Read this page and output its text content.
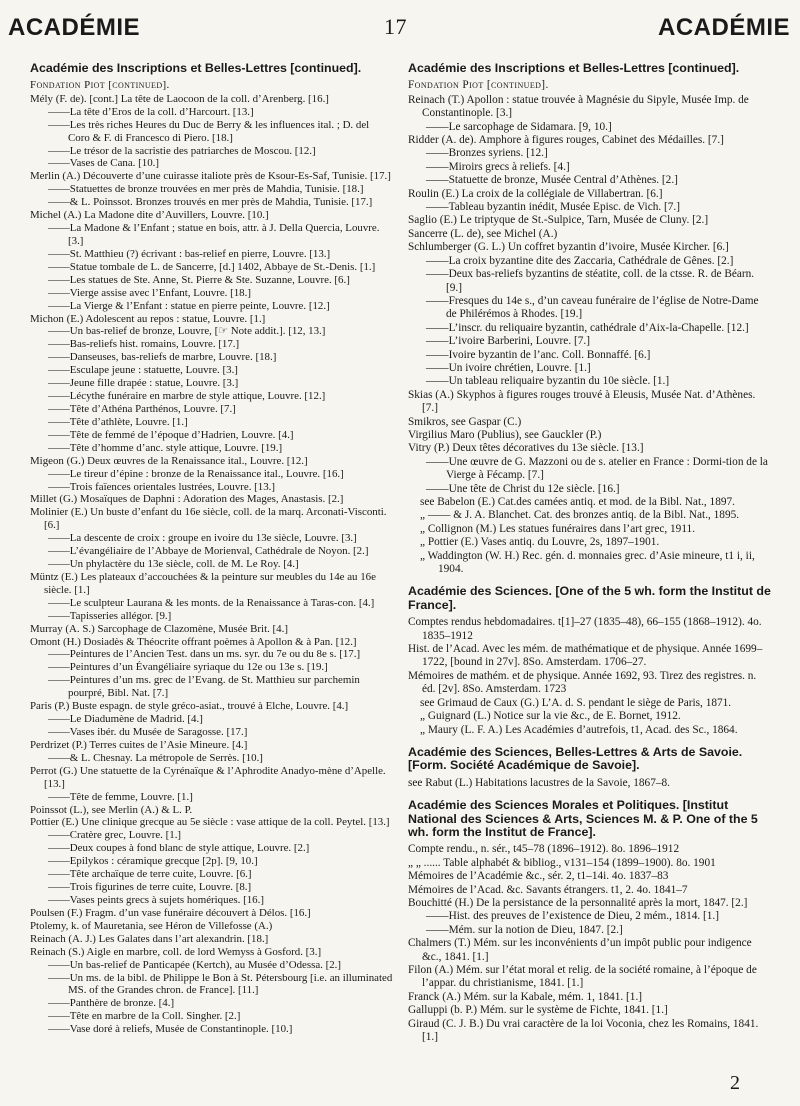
ACADÉMIE	17	ACADÉMIE
Académie des Inscriptions et Belles-Lettres [continued].
Fondation Piot [continued].
Mély (F. de). [cont.] La tête de Laocoon de la coll. d’Arenberg. [16.]
—— La tête d’Eros de la coll. d’Harcourt. [13.]
—— Les très riches Heures du Duc de Berry & les influences ital. ; D. del Coro & F. di Francesco di Piero. [18.]
—— Le trésor de la sacristie des patriarches de Moscou. [12.]
—— Vases de Cana. [10.]
Merlin (A.) Découverte d’une cuirasse italiote près de Ksour-Es-Saf, Tunisie. [17.]
—— Statuettes de bronze trouvées en mer près de Mahdia, Tunisie. [18.]
—— & L. Poinssot. Bronzes trouvés en mer près de Mahdia, Tunisie. [17.]
Michel (A.) La Madone dite d’Auvillers, Louvre. [10.]
—— La Madone & l’Enfant ; statue en bois, attr. à J. Della Quercia, Louvre. [3.]
—— St. Matthieu (?) écrivant : bas-relief en pierre, Louvre. [13.]
—— Statue tombale de L. de Sancerre, [d.] 1402, Abbaye de St.-Denis. [1.]
—— Les statues de Ste. Anne, St. Pierre & Ste. Suzanne, Louvre. [6.]
—— Vierge assise avec l’Enfant, Louvre. [18.]
—— La Vierge & l’Enfant : statue en pierre peinte, Louvre. [12.]
Michon (E.) Adolescent au repos : statue, Louvre. [1.]
—— Un bas-relief de bronze, Louvre, [☞ Note addit.]. [12, 13.]
—— Bas-reliefs hist. romains, Louvre. [17.]
—— Danseuses, bas-reliefs de marbre, Louvre. [18.]
—— Esculape jeune : statuette, Louvre. [3.]
—— Jeune fille drapée : statue, Louvre. [3.]
—— Lécythe funéraire en marbre de style attique, Louvre. [12.]
—— Tête d’Athéna Parthénos, Louvre. [7.]
—— Tête d’athlète, Louvre. [1.]
—— Tête de femmé de l’époque d’Hadrien, Louvre. [4.]
—— Tête d’homme d’anc. style attique, Louvre. [19.]
Migeon (G.) Deux œuvres de la Renaissance ital., Louvre. [12.]
—— Le tireur d’épine : bronze de la Renaissance ital., Louvre. [16.]
—— Trois faïences orientales lustrées, Louvre. [13.]
Millet (G.) Mosaïques de Daphni : Adoration des Mages, Anastasis. [2.]
Molinier (E.) Un buste d’enfant du 16e siècle, coll. de la marq. Arconati-Visconti. [6.]
—— La descente de croix : groupe en ivoire du 13e siècle, Louvre. [3.]
—— L’évangéliaire de l’Abbaye de Morienval, Cathédrale de Noyon. [2.]
—— Un phylactère du 13e siècle, coll. de M. Le Roy. [4.]
Müntz (E.) Les plateaux d’accouchées & la peinture sur meubles du 14e au 16e siècle. [1.]
—— Le sculpteur Laurana & les monts. de la Renaissance à Taras-con. [4.]
—— Tapisseries allégor. [9.]
Murray (A. S.) Sarcophage de Clazomène, Musée Brit. [4.]
Omont (H.) Dosiadès & Théocrite offrant poèmes à Apollon & à Pan. [12.]
—— Peintures de l’Ancien Test. dans un ms. syr. du 7e ou du 8e s. [17.]
—— Peintures d’un Évangéliaire syriaque du 12e ou 13e s. [19.]
—— Peintures d’un ms. grec de l’Evang. de St. Matthieu sur parchemin pourpré, Bibl. Nat. [7.]
Paris (P.) Buste espagn. de style gréco-asiat., trouvé à Elche, Louvre. [4.]
—— Le Diadumène de Madrid. [4.]
—— Vases ibér. du Musée de Saragosse. [17.]
Perdrizet (P.) Terres cuites de l’Asie Mineure. [4.]
—— & L. Chesnay. La métropole de Serrès. [10.]
Perrot (G.) Une statuette de la Cyrénaïque & l’Aphrodite Anadyo-mène d’Apelle. [13.]
—— Tête de femme, Louvre. [1.]
Poinssot (L.), see Merlin (A.) & L. P.
Pottier (E.) Une clinique grecque au 5e siècle : vase attique de la coll. Peytel. [13.]
—— Cratère grec, Louvre. [1.]
—— Deux coupes à fond blanc de style attique, Louvre. [2.]
—— Epilykos : céramique grecque [2p]. [9, 10.]
—— Tête archaïque de terre cuite, Louvre. [6.]
—— Trois figurines de terre cuite, Louvre. [8.]
—— Vases peints grecs à sujets homériques. [16.]
Poulsen (F.) Fragm. d’un vase funéraire découvert à Délos. [16.]
Ptolemy, k. of Mauretania, see Héron de Villefosse (A.)
Reinach (A. J.) Les Galates dans l’art alexandrin. [18.]
Reinach (S.) Aigle en marbre, coll. de lord Wemyss à Gosford. [3.]
—— Un bas-relief de Panticapée (Kertch), au Musée d’Odessa. [2.]
—— Un ms. de la bibl. de Philippe le Bon à St. Pétersbourg [i.e. an illuminated MS. of the Grandes chron. de France]. [11.]
—— Panthère de bronze. [4.]
—— Tête en marbre de la Coll. Singher. [2.]
—— Vase doré à reliefs, Musée de Constantinople. [10.]
Académie des Inscriptions et Belles-Lettres [continued].
Fondation Piot [continued].
Reinach (T.) Apollon : statue trouvée à Magnésie du Sipyle, Musée Imp. de Constantinople. [3.]
—— Le sarcophage de Sidamara. [9, 10.]
Ridder (A. de). Amphore à figures rouges, Cabinet des Médailles. [7.]
—— Bronzes syriens. [12.]
—— Miroirs grecs à reliefs. [4.]
—— Statuette de bronze, Musée Central d’Athènes. [2.]
Roulin (E.) La croix de la collégiale de Villabertran. [6.]
—— Tableau byzantin inédit, Musée Episc. de Vich. [7.]
Saglio (E.) Le triptyque de St.-Sulpice, Tarn, Musée de Cluny. [2.]
Sancerre (L. de), see Michel (A.)
Schlumberger (G. L.) Un coffret byzantin d’ivoire, Musée Kircher. [6.]
—— La croix byzantine dite des Zaccaria, Cathédrale de Gênes. [2.]
—— Deux bas-reliefs byzantins de stéatite, coll. de la ctsse. R. de Béarn. [9.]
—— Fresques du 14e s., d’un caveau funéraire de l’église de Notre-Dame de Philérémos à Rhodes. [19.]
—— L’inscr. du reliquaire byzantin, cathédrale d’Aix-la-Chapelle. [12.]
—— L’ivoire Barberini, Louvre. [7.]
—— Ivoire byzantin de l’anc. Coll. Bonnaffé. [6.]
—— Un ivoire chrétien, Louvre. [1.]
—— Un tableau reliquaire byzantin du 10e siècle. [1.]
Skias (A.) Skyphos à figures rouges trouvé à Eleusis, Musée Nat. d’Athènes. [7.]
Smikros, see Gaspar (C.)
Virgilius Maro (Publius), see Gauckler (P.)
Vitry (P.) Deux têtes décoratives du 13e siècle. [13.]
—— Une œuvre de G. Mazzoni ou de s. atelier en France : Dormi-tion de la Vierge à Fécamp. [7.]
—— Une tête de Christ du 12e siècle. [16.]
see Babelon (E.) Cat.des camées antiq. et mod. de la Bibl. Nat., 1897.
„ —— & J. A. Blanchet. Cat. des bronzes antiq. de la Bibl. Nat., 1895.
„ Collignon (M.) Les statues funéraires dans l’art grec, 1911.
„ Pottier (E.) Vases antiq. du Louvre, 2s, 1897–1901.
„ Waddington (W. H.) Rec. gén. d. monnaies grec. d’Asie mineure, t1 i, ii, 1904.
Académie des Sciences. [One of the 5 wh. form the Institut de France].
Comptes rendus hebdomadaires. t[1]–27 (1835–48), 66–155 (1868–1912). 4o. 1835–1912
Hist. de l’Acad. Avec les mém. de mathématique et de physique. Année 1699–1722, [bound in 27v]. 8So. Amsterdam. 1706–27.
Mémoires de mathém. et de physique. Année 1692, 93. Tirez des registres. n. éd. [2v]. 8So. Amsterdam. 1723
see Grimaud de Caux (G.) L’A. d. S. pendant le siège de Paris, 1871.
„ Guignard (L.) Notice sur la vie &c., de E. Bornet, 1912.
„ Maury (L. F. A.) Les Académies d’autrefois, t1, Acad. des Sc., 1864.
Académie des Sciences, Belles-Lettres & Arts de Savoie. [Form. Société Académique de Savoie].
see Rabut (L.) Habitations lacustres de la Savoie, 1867–8.
Académie des Sciences Morales et Politiques. [Institut National des Sciences & Arts, Sciences M. & P. One of the 5 wh. form the Institut de France].
Compte rendu., n. sér., t45–78 (1896–1912). 8o. 1896–1912
„ „ ...... Table alphabét & bibliog., v131–154 (1899–1900). 8o. 1901
Mémoires de l’Académie &c., sér. 2, t1–14i. 4o. 1837–83
Mémoires de l’Acad. &c. Savants étrangers. t1, 2. 4o. 1841–7
Bouchitté (H.) De la persistance de la personnalité après la mort, 1847. [2.]
—— Hist. des preuves de l’existence de Dieu, 2 mém., 1814. [1.]
—— Mém. sur la notion de Dieu, 1847. [2.]
Chalmers (T.) Mém. sur les inconvénients d’un impôt public pour indigence &c., 1841. [1.]
Filon (A.) Mém. sur l’état moral et relig. de la société romaine, à l’époque de l’appar. du christianisme, 1841. [1.]
Franck (A.) Mém. sur la Kabale, mém. 1, 1841. [1.]
Galluppi (b. P.) Mém. sur le système de Fichte, 1841. [1.]
Giraud (C. J. B.) Du vrai caractère de la loi Voconia, chez les Romains, 1841. [1.]
2
